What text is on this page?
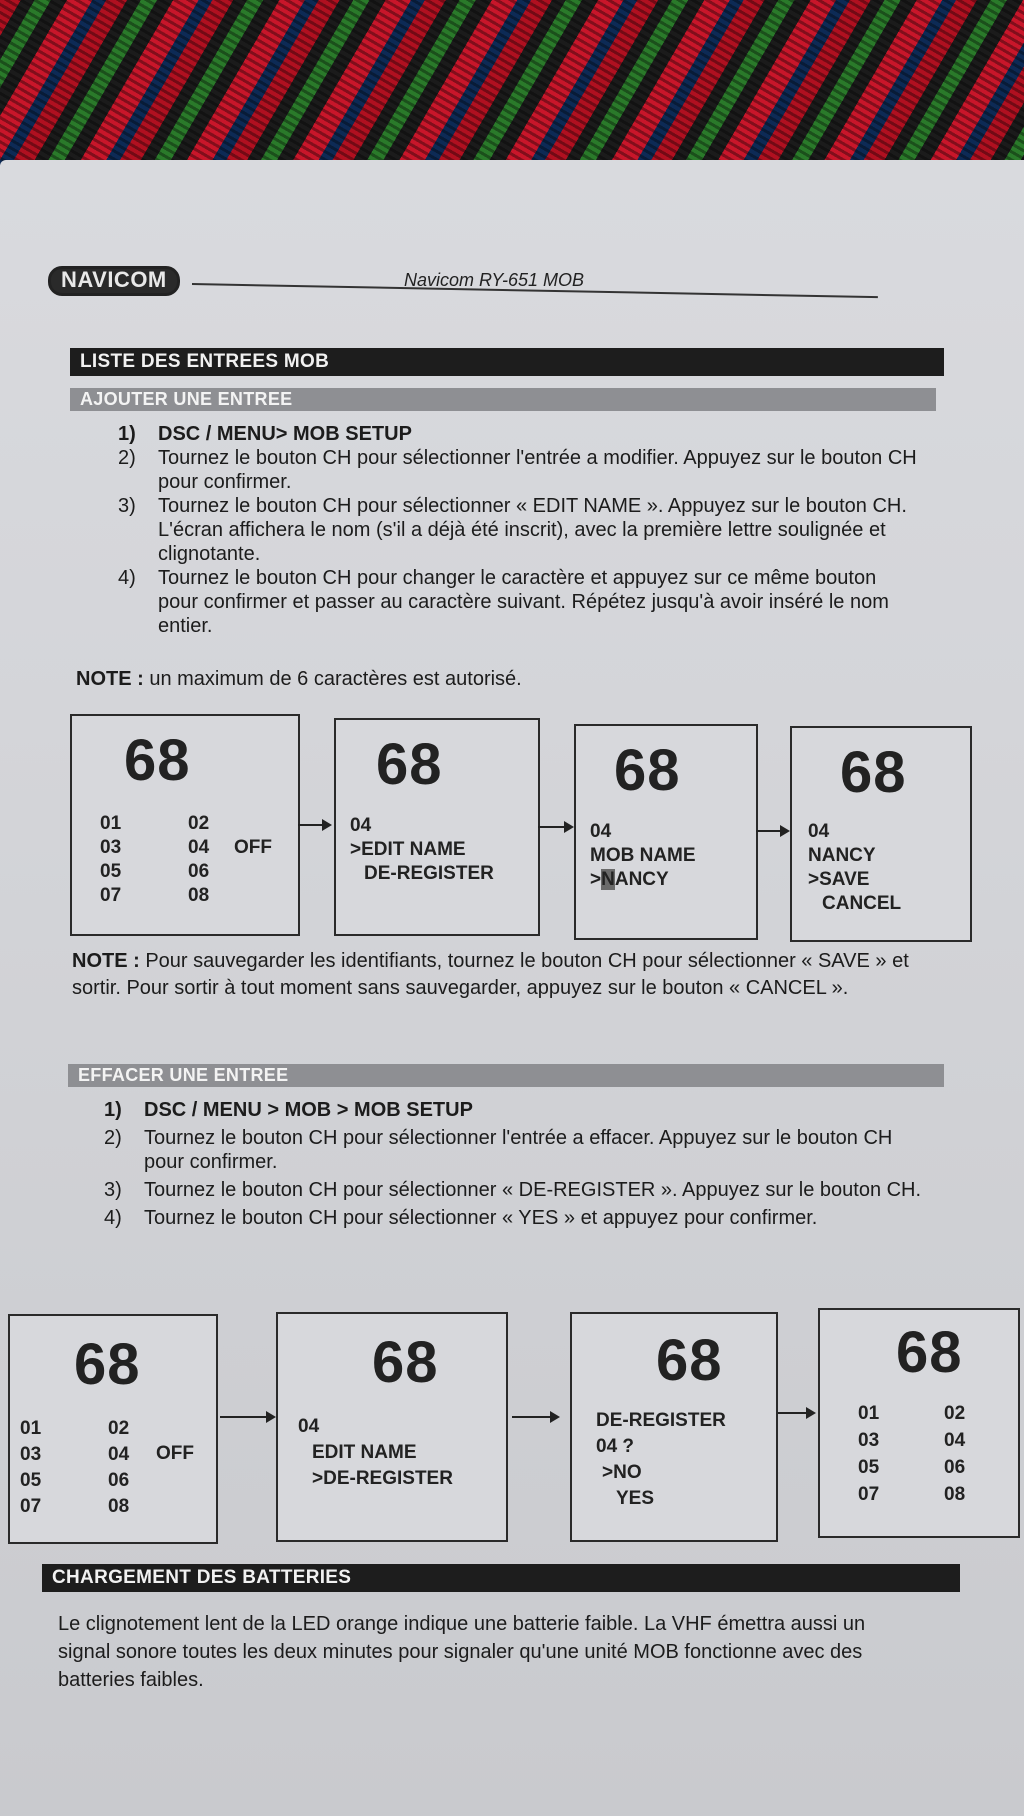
NAVICOM	Navicom RY-651 MOB
LISTE DES ENTREES MOB
AJOUTER UNE ENTREE
1) DSC / MENU> MOB SETUP
2) Tournez le bouton CH pour sélectionner l'entrée a modifier. Appuyez sur le bouton CH pour confirmer.
3) Tournez le bouton CH pour sélectionner « EDIT NAME ». Appuyez sur le bouton CH. L'écran affichera le nom (s'il a déjà été inscrit), avec la première lettre soulignée et clignotante.
4) Tournez le bouton CH pour changer le caractère et appuyez sur ce même bouton pour confirmer et passer au caractère suivant. Répétez jusqu'à avoir inséré le nom entier.
NOTE : un maximum de 6 caractères est autorisé.
68
01
03
05
07
02
04
06
08
OFF
68
04
>EDIT NAME
DE-REGISTER
68
04
MOB NAME
>NANCY
68
04
NANCY
>SAVE
CANCEL
NOTE : Pour sauvegarder les identifiants, tournez le bouton CH pour sélectionner « SAVE » et sortir. Pour sortir à tout moment sans sauvegarder, appuyez sur le bouton « CANCEL ».
EFFACER UNE ENTREE
1) DSC / MENU > MOB > MOB SETUP
2) Tournez le bouton CH pour sélectionner l'entrée a effacer. Appuyez sur le bouton CH pour confirmer.
3) Tournez le bouton CH pour sélectionner « DE-REGISTER ». Appuyez sur le bouton CH.
4) Tournez le bouton CH pour sélectionner « YES » et appuyez pour confirmer.
68
01
03
05
07
02
04
06
08
OFF
68
04
EDIT NAME
>DE-REGISTER
68
DE-REGISTER
04 ?
>NO
YES
68
01
03
05
07
02
04
06
08
CHARGEMENT DES BATTERIES
Le clignotement lent de la LED orange indique une batterie faible. La VHF émettra aussi un signal sonore toutes les deux minutes pour signaler qu'une unité MOB fonctionne avec des batteries faibles.
